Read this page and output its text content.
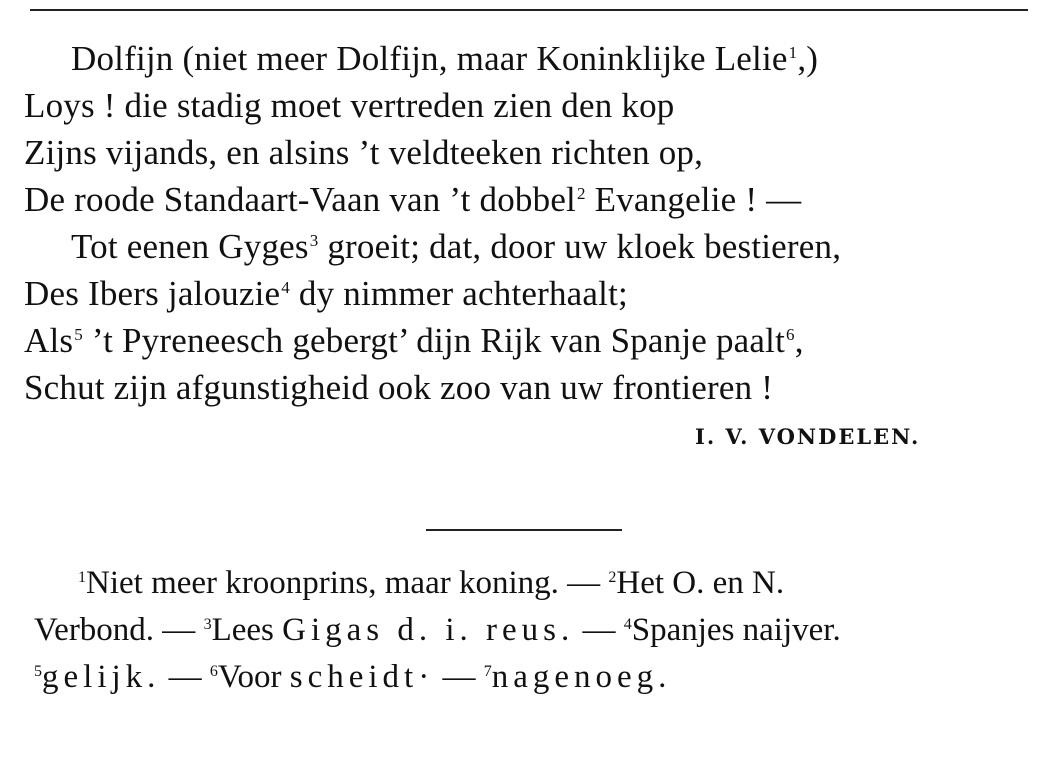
Dolfijn (niet meer Dolfijn, maar Koninklijke Lelie$^1$,)
Loys ! die stadig moet vertreden zien den kop
Zijns vijands, en alsins ’t veldteeken richten op,
De roode Standaart-Vaan van ’t dobbel$^2$ Evangelie ! —
Tot eenen Gyges$^3$ groeit; dat, door uw kloek bestieren,
Des Ibers jalouzie$^4$ dy nimmer achterhaalt;
Als$^5$ ’t Pyreneesch gebergt’ dijn Rijk van Spanje paalt$^6$,
Schut zijn afgunstigheid ook zoo van uw frontieren !
I. V. VONDELEN.
$^1$Niet meer kroonprins, maar koning. — $^2$Het O. en N.
Verbond. — $^3$Lees Gigas d. i. reus. — $^4$Spanjes naijver.
$^5$gelijk. — $^6$Voor scheidt· — $^7$nagenoeg.
